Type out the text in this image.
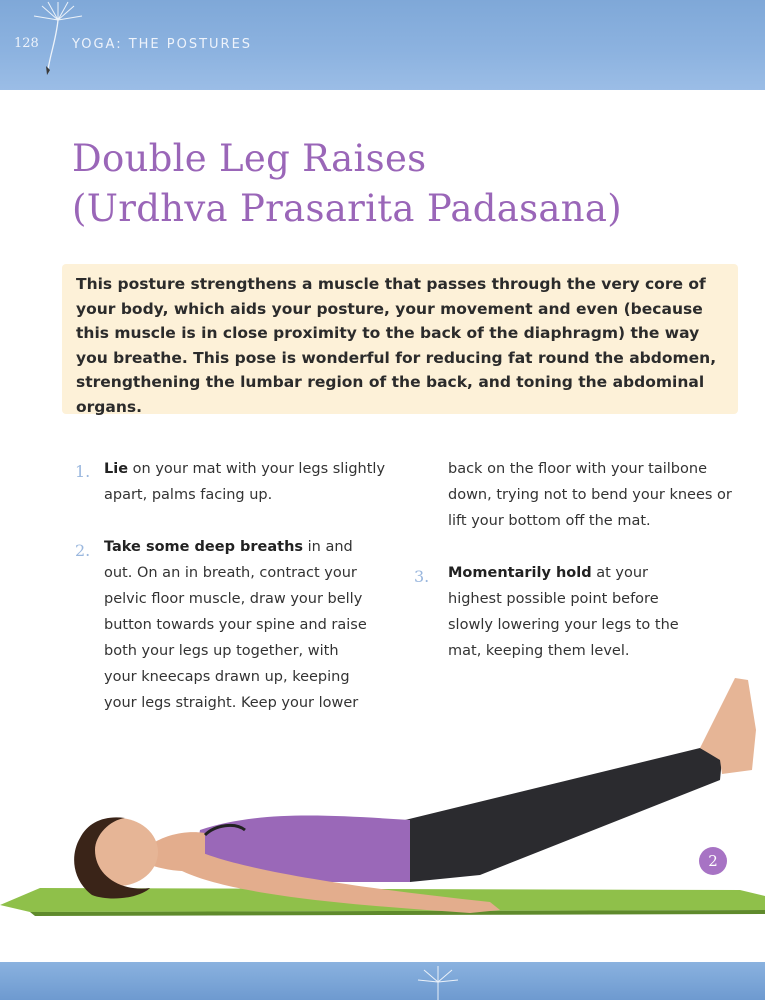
128	YOGA: THE POSTURES
Double Leg Raises
(Urdhva Prasarita Padasana)

This posture strengthens a muscle that passes through the very core of your body, which aids your posture, your movement and even (because this muscle is in close proximity to the back of the diaphragm) the way you breathe. This pose is wonderful for reducing fat round the abdomen, strengthening the lumbar region of the back, and toning the abdominal organs.

1. Lie on your mat with your legs slightly apart, palms facing up.
2. Take some deep breaths in and out. On an in breath, contract your pelvic floor muscle, draw your belly button towards your spine and raise both your legs up together, with your kneecaps drawn up, keeping your legs straight. Keep your lower
back on the floor with your tailbone down, trying not to bend your knees or lift your bottom off the mat.
3. Momentarily hold at your highest possible point before slowly lowering your legs to the mat, keeping them level.
2
